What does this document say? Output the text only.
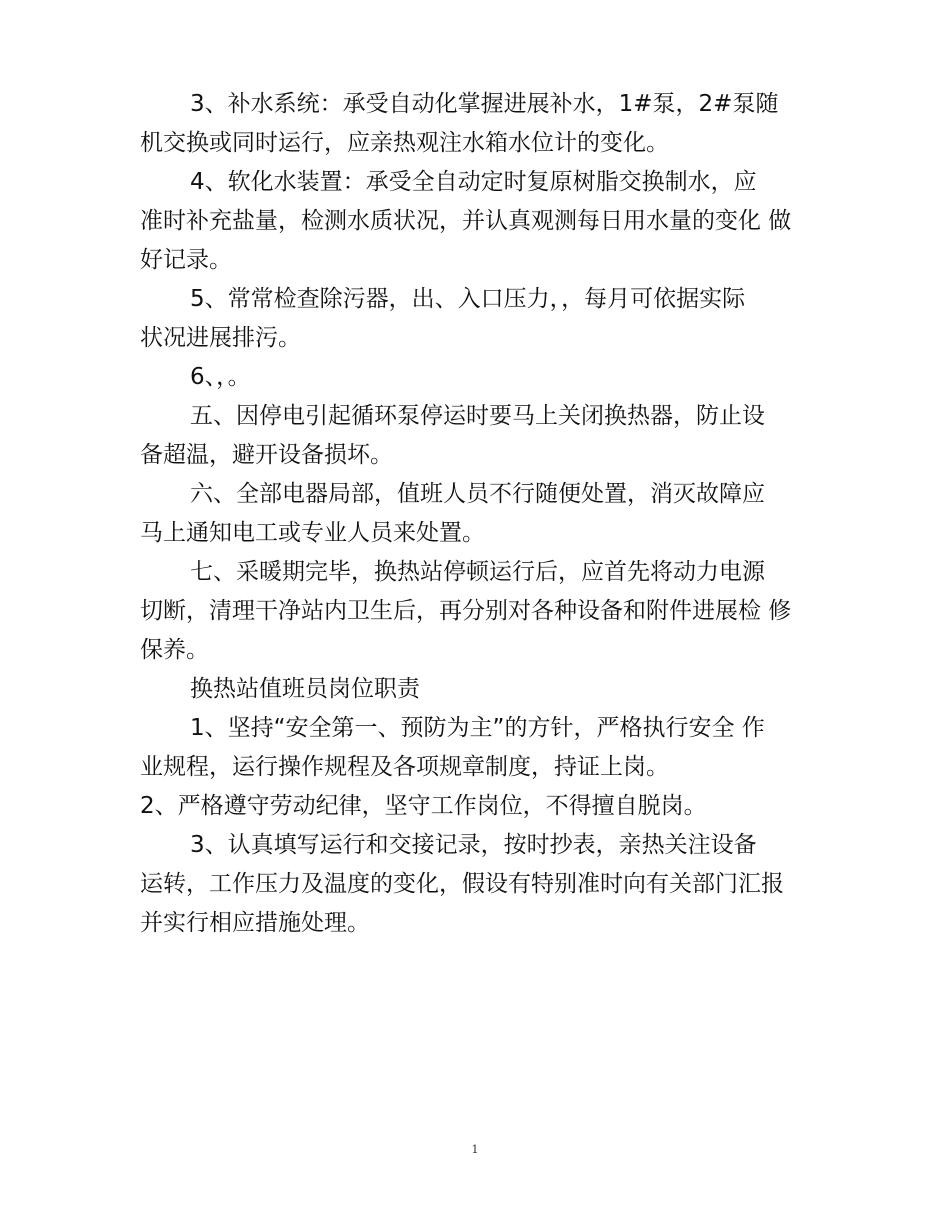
3、补水系统：承受自动化掌握进展补水，1#泵，2#泵随
机交换或同时运行，应亲热观注水箱水位计的变化。
4、软化水装置：承受全自动定时复原树脂交换制水，应
准时补充盐量，检测水质状况，并认真观测每日用水量的变化 做
好记录。
5、常常检查除污器，出、入口压力，，每月可依据实际
状况进展排污。
6、，。
五、因停电引起循环泵停运时要马上关闭换热器，防止设
备超温，避开设备损坏。
六、全部电器局部，值班人员不行随便处置，消灭故障应
马上通知电工或专业人员来处置。
七、采暖期完毕，换热站停顿运行后，应首先将动力电源
切断，清理干净站内卫生后，再分别对各种设备和附件进展检 修
保养。
换热站值班员岗位职责
1、坚持“安全第一、预防为主”的方针，严格执行安全 作
业规程，运行操作规程及各项规章制度，持证上岗。
2、严格遵守劳动纪律，坚守工作岗位，不得擅自脱岗。
3、认真填写运行和交接记录，按时抄表，亲热关注设备
运转，工作压力及温度的变化，假设有特别准时向有关部门汇报
并实行相应措施处理。
1
